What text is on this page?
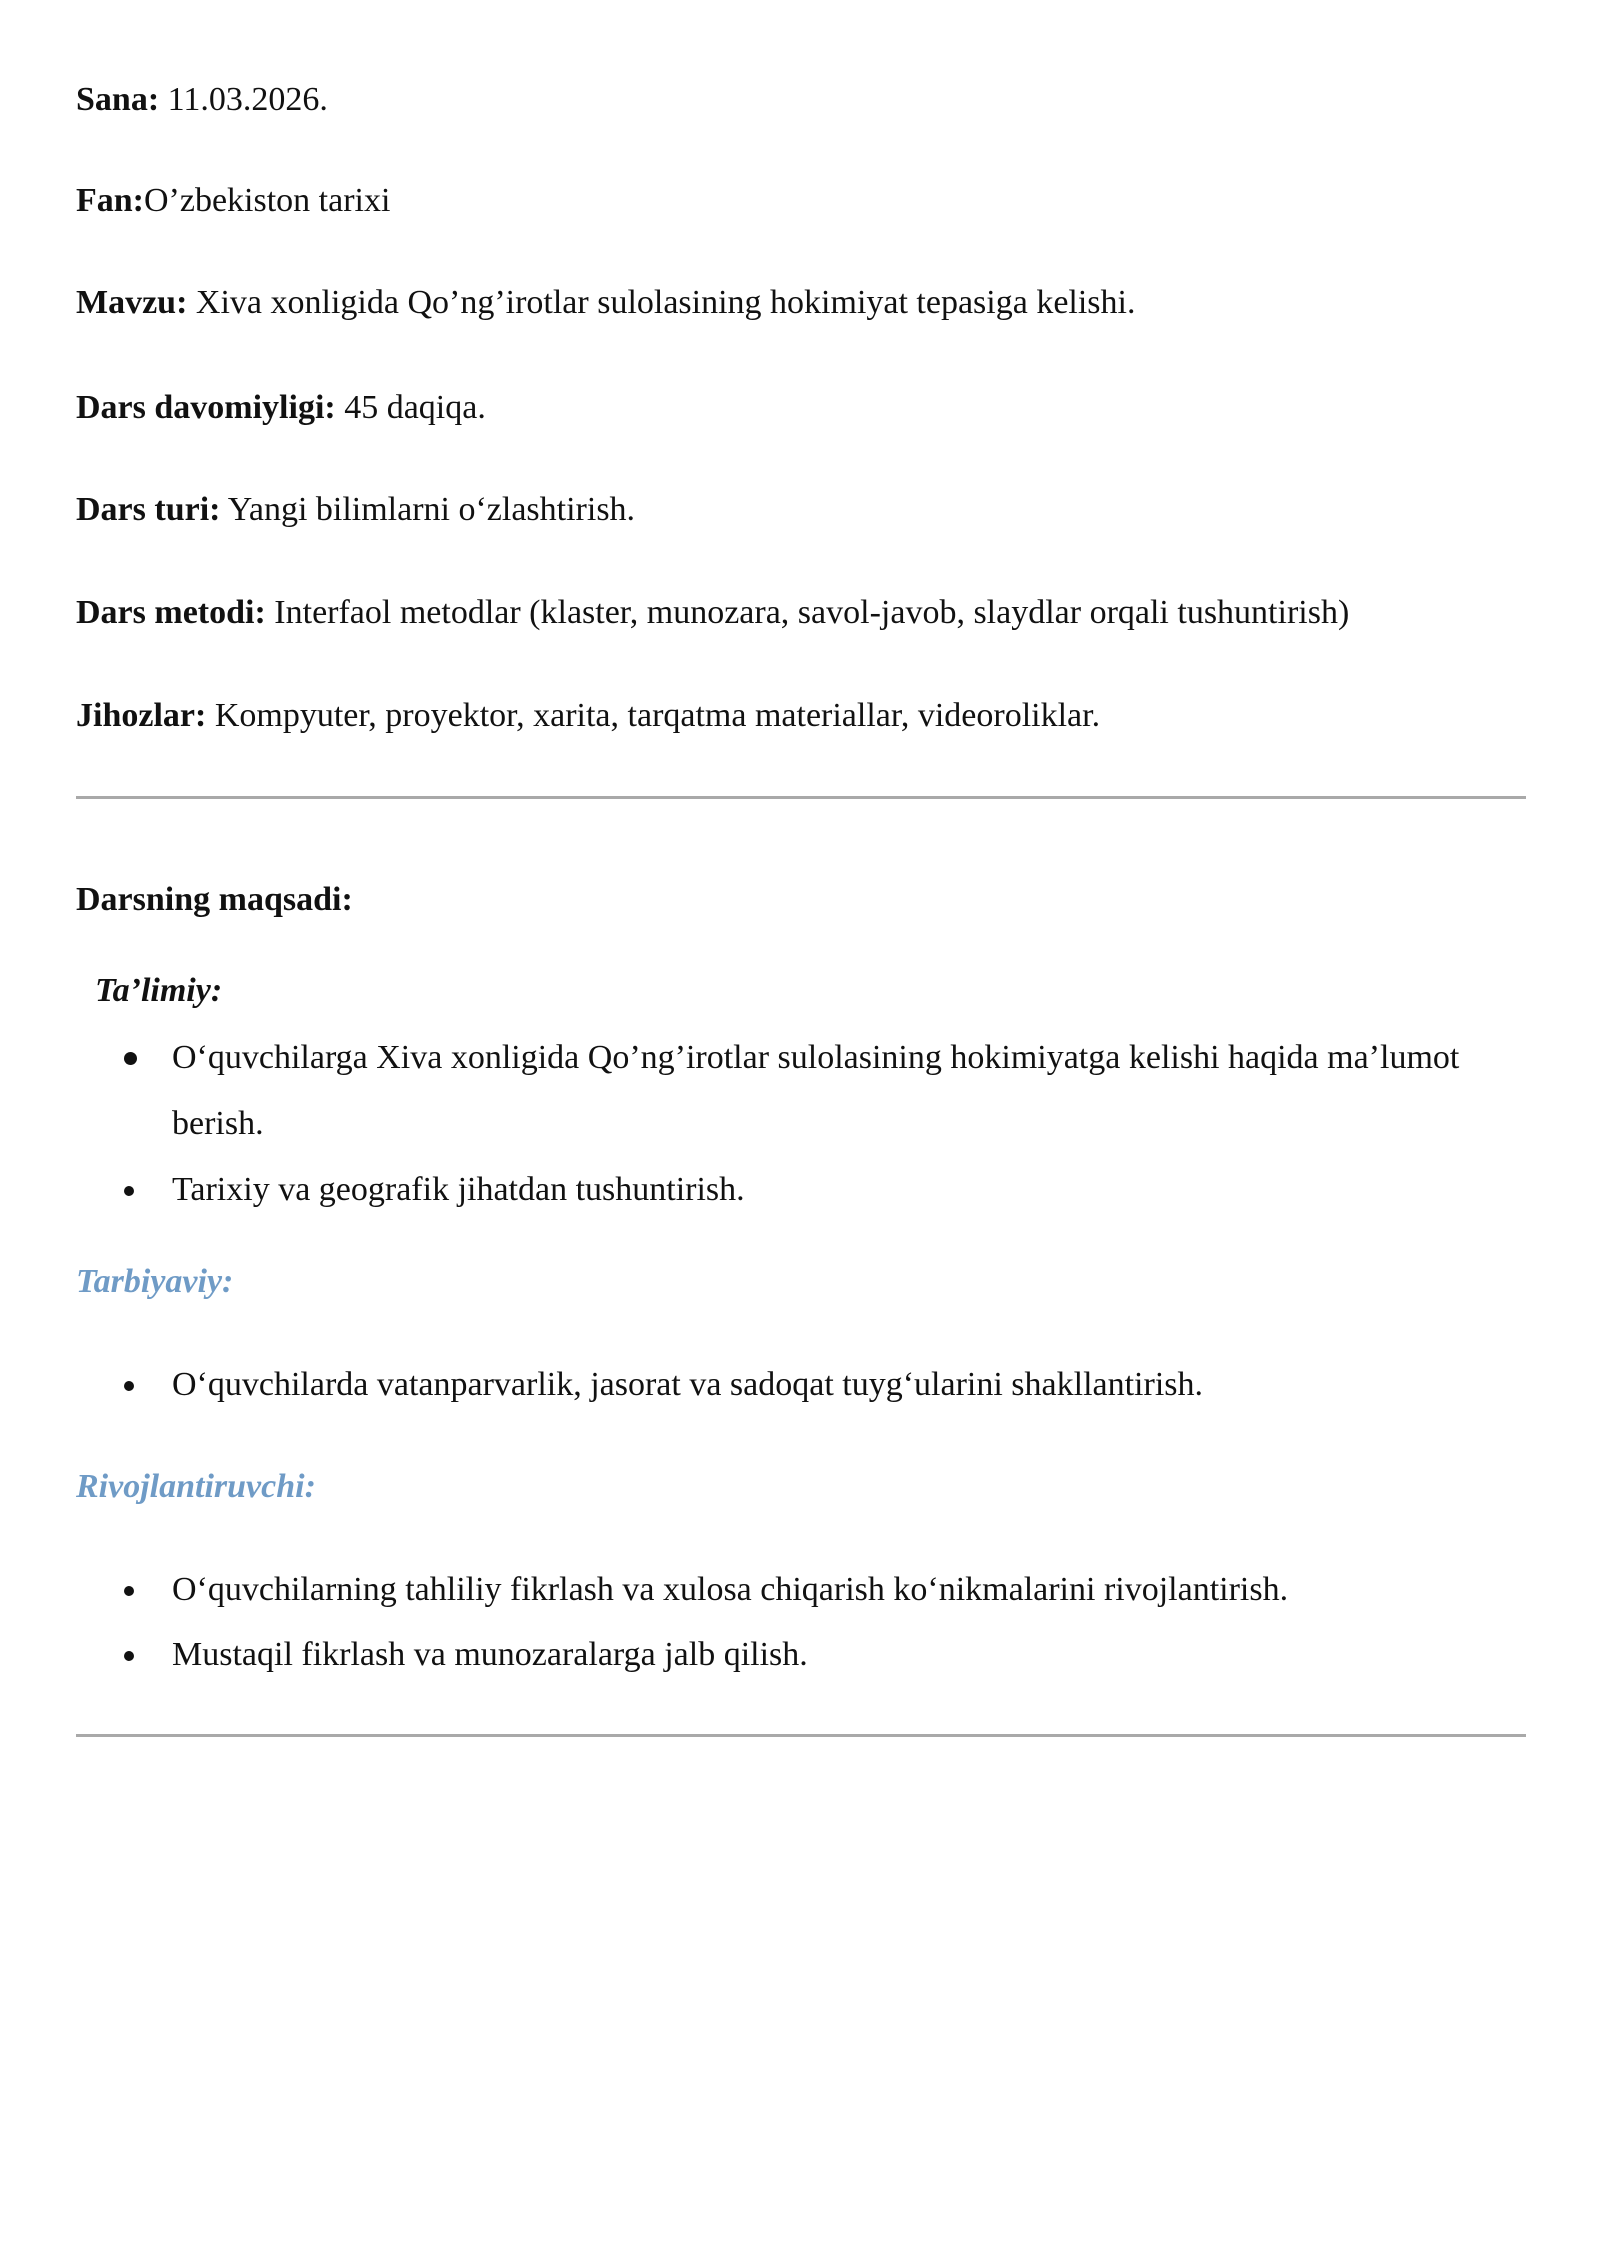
Sana: 11.03.2026.
Fan:O’zbekiston tarixi
Mavzu: Xiva xonligida Qo’ng’irotlar sulolasining hokimiyat tepasiga kelishi.
Dars davomiyligi: 45 daqiqa.
Dars turi: Yangi bilimlarni o‘zlashtirish.
Dars metodi: Interfaol metodlar (klaster, munozara, savol-javob, slaydlar orqali tushuntirish)
Jihozlar: Kompyuter, proyektor, xarita, tarqatma materiallar, videoroliklar.
Darsning maqsadi:
Ta’limiy:
O‘quvchilarga Xiva xonligida Qo’ng’irotlar sulolasining hokimiyatga kelishi haqida ma’lumot berish.
Tarixiy va geografik jihatdan tushuntirish.
Tarbiyaviy:
O‘quvchilarda vatanparvarlik, jasorat va sadoqat tuyg‘ularini shakllantirish.
Rivojlantiruvchi:
O‘quvchilarning tahliliy fikrlash va xulosa chiqarish ko‘nikmalarini rivojlantirish.
Mustaqil fikrlash va munozaralarga jalb qilish.
